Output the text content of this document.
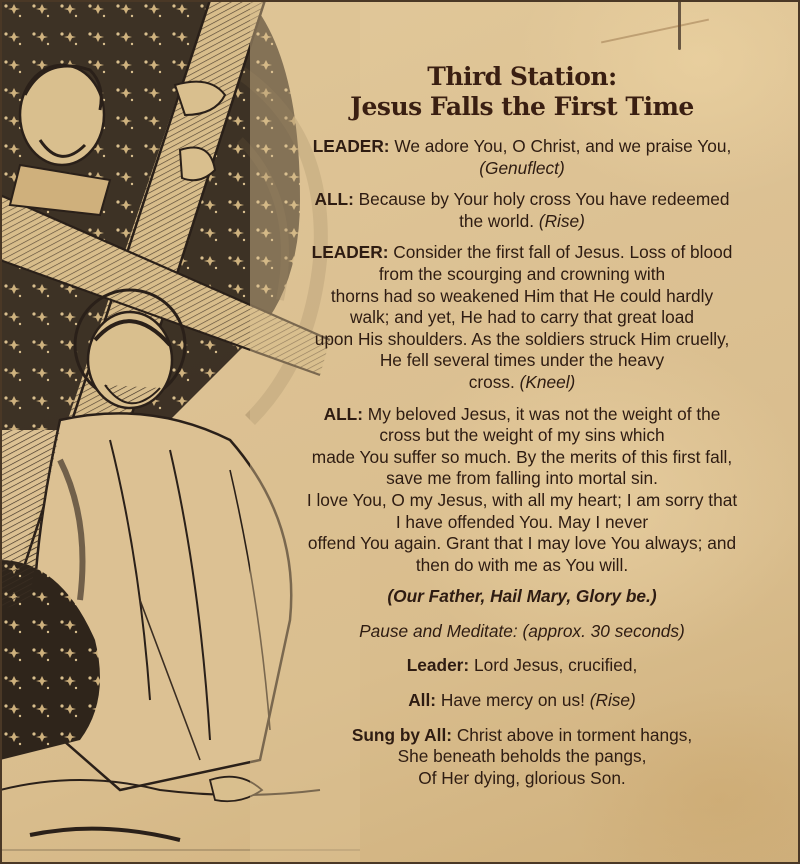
Third Station:
Jesus Falls the First Time

LEADER: We adore You, O Christ, and we praise You,
(Genuflect)

ALL: Because by Your holy cross You have redeemed
the world. (Rise)

LEADER: Consider the first fall of Jesus. Loss of blood
from the scourging and crowning with
thorns had so weakened Him that He could hardly
walk; and yet, He had to carry that great load
upon His shoulders. As the soldiers struck Him cruelly,
He fell several times under the heavy
cross. (Kneel)

ALL: My beloved Jesus, it was not the weight of the
cross but the weight of my sins which
made You suffer so much. By the merits of this first fall,
save me from falling into mortal sin.
I love You, O my Jesus, with all my heart; I am sorry that
I have offended You. May I never
offend You again. Grant that I may love You always; and
then do with me as You will.

(Our Father, Hail Mary, Glory be.)

Pause and Meditate: (approx. 30 seconds)

Leader: Lord Jesus, crucified,

All: Have mercy on us! (Rise)

Sung by All: Christ above in torment hangs,
She beneath beholds the pangs,
Of Her dying, glorious Son.
